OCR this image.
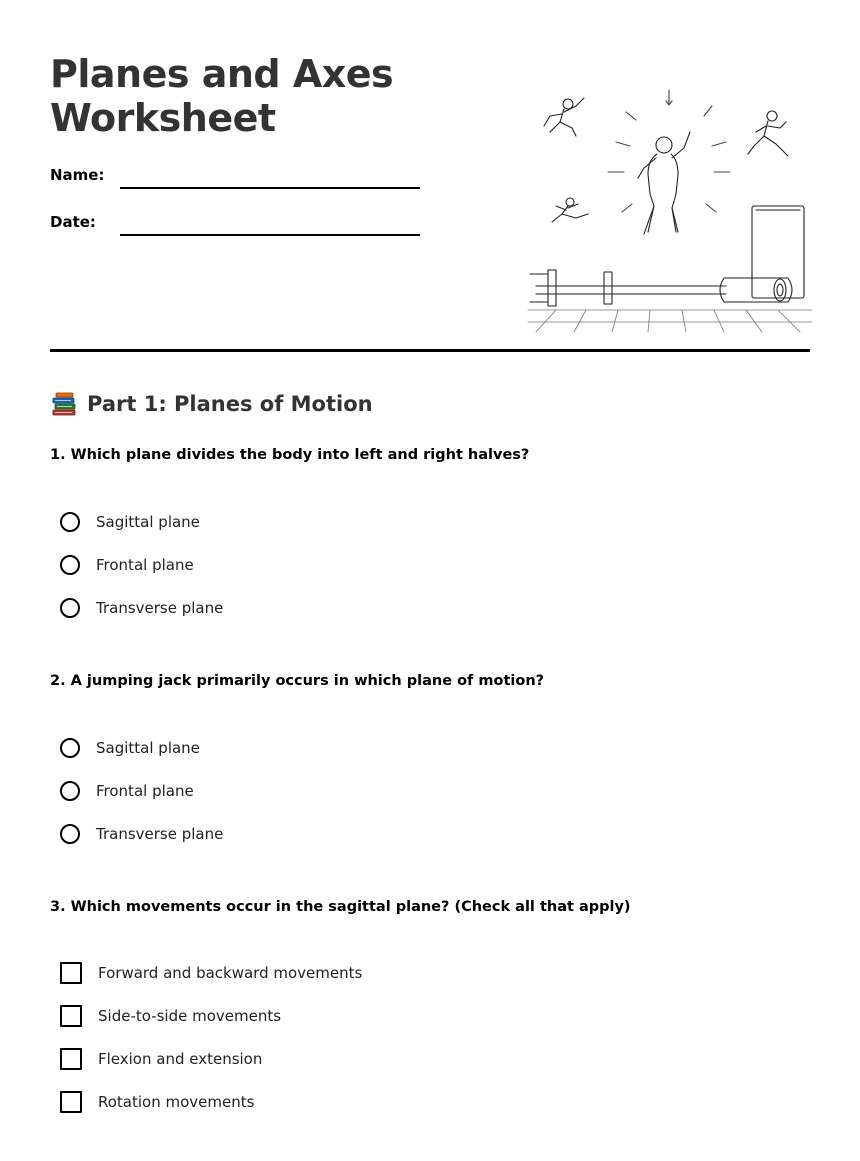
Planes and Axes Worksheet
Name:
Date:
Part 1: Planes of Motion
1. Which plane divides the body into left and right halves?
Sagittal plane
Frontal plane
Transverse plane
2. A jumping jack primarily occurs in which plane of motion?
Sagittal plane
Frontal plane
Transverse plane
3. Which movements occur in the sagittal plane? (Check all that apply)
Forward and backward movements
Side-to-side movements
Flexion and extension
Rotation movements
